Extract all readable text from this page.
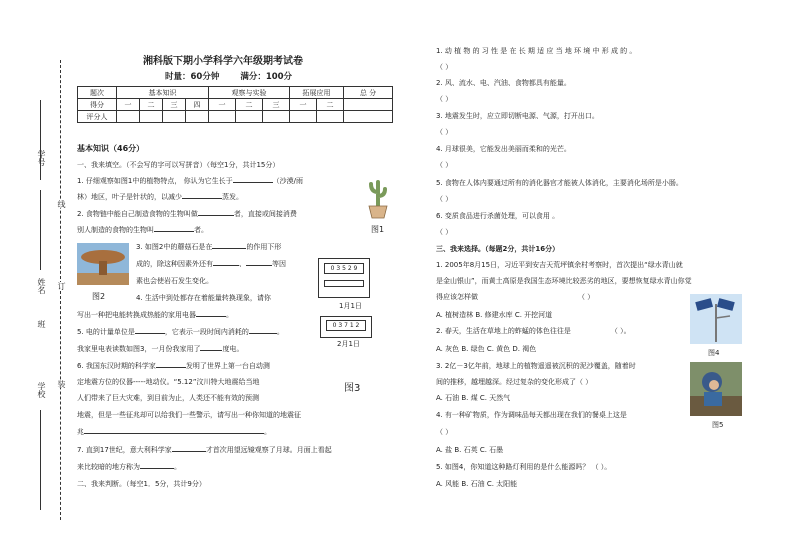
学号
姓名
班
学校
线
订
装
湘科版下期小学科学六年级期考试卷
时量：60分钟 满分：100分
题次	基本知识				观察与实验			拓展应用		总 分
得分	一	二	三	四	一	二	三	一	二	
评分人										
基本知识（46分）
一、我来填空。（不会写的字可以写拼音）（每空1分，共计15分）
1. 仔细观察如图1中的植物特点， 你认为它生长于	（沙漠/雨
林）地区，叶子是针状的，以减少	蒸发。
2. 食物链中能自己制造食物的生物叫做	者，直接或间接消费
别人制造的食物的生物叫	者。	图1
图2
3. 如图2中的蘑菇石是在	的作用下形
成的，除这种因素外还有	、	等因
素也会使岩石发生变化。
4. 生活中到处都存在着能量转换现象，请你
写出一种把电能转换成热能的家用电器	。
5. 电的计量单位是	，它表示一段时间内消耗的	。
我家里电表读数如图3，一月份我家用了	度电。
0 3 5 2 9
1月1日
0 3 7 1 2
2月1日
图3
6. 我国东汉时期的科学家	发明了世界上第一台自动测
定地震方位的仪器-----地动仪。“5.12”汶川特大地震给当地
人们带来了巨大灾难，到目前为止，人类还不能有效的预测
地震，但是一些征兆却可以给我们一些警示，请写出一种你知道的地震征
兆	。
7. 直到17世纪，意大利科学家	才首次用望远镜观察了月球。月面上看起
来比较暗的地方称为	。
二、我来判断。（每空1．5分，共计9分）
1. 动 植 物 的 习 性 是 在 长 期 适 应 当 地 环 境 中 形 成 的 。
（ ）
2. 风、流水、电、汽油、食物都具有能量。
（ ）
3. 地震发生时，应立即切断电源、气源，打开出口。
（ ）
4. 月球很美，它能发出美丽而柔和的光芒。
（ ）
5. 食物在人体内要通过所有的消化器官才能被人体消化，主要消化场所是小肠。
（ ）
6. 变质食品进行杀菌处理，可以食用 。
（ ）
三、我来选择。（每题2分，共计16分）
1. 2005年8月15日，习近平到安吉天荒坪镇余村考察时，首次提出“绿水青山就
是金山银山”，而黄土高原是我国生态环境比较恶劣的地区，要想恢复绿水青山你觉
得应该怎样做	（ ）
A. 植树造林 B. 修建水库 C. 开挖河道
2. 春天，生活在草地上的蚱蜢的体色往往是	（ ）。
A. 灰色 B. 绿色 C. 黄色 D. 褐色
3. 2亿－3亿年前，地球上的植物遥遥被沉积的泥沙覆盖，随着时
间的推移，越埋越深。经过复杂的变化形成了（ ）
A. 石油 B. 煤 C. 天然气
4. 有一种矿物质，作为调味品每天都出现在我们的餐桌上这是
（ ）
A. 盐 B. 石英 C. 石墨
5. 如图4，你知道这种路灯利用的是什么能源吗？ （ ）。
A. 风能 B. 石油 C. 太阳能
图4
图5
